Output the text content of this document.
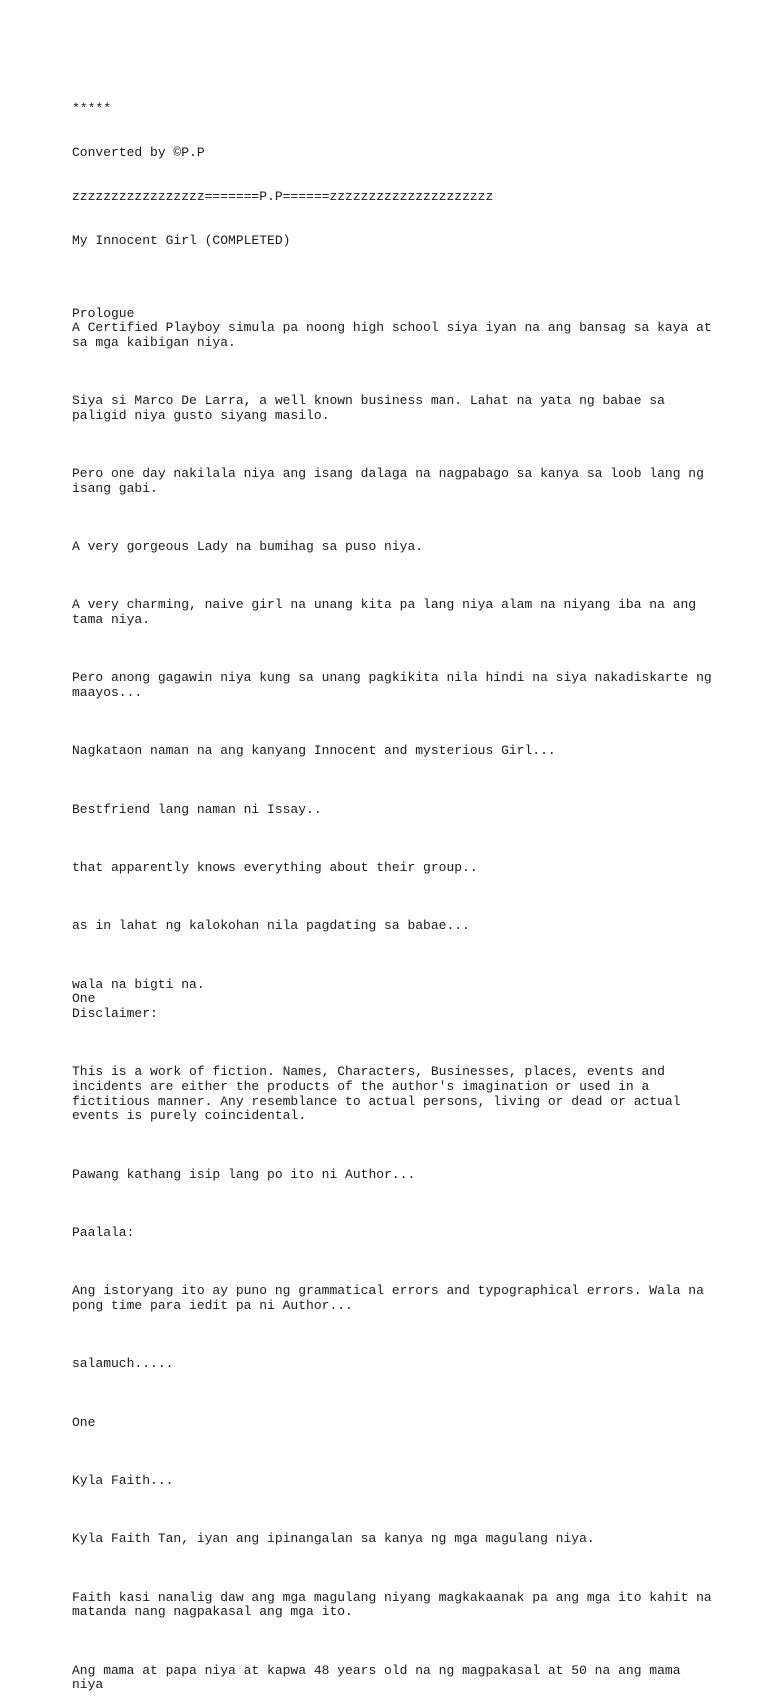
*****

Converted by ©P.P

zzzzzzzzzzzzzzzzz=======P.P======zzzzzzzzzzzzzzzzzzzzz

My Innocent Girl (COMPLETED)

Prologue
A Certified Playboy simula pa noong high school siya iyan na ang bansag sa kaya at
sa mga kaibigan niya.

Siya si Marco De Larra, a well known business man. Lahat na yata ng babae sa
paligid niya gusto siyang masilo.

Pero one day nakilala niya ang isang dalaga na nagpabago sa kanya sa loob lang ng
isang gabi.

A very gorgeous Lady na bumihag sa puso niya.

A very charming, naive girl na unang kita pa lang niya alam na niyang iba na ang
tama niya.

Pero anong gagawin niya kung sa unang pagkikita nila hindi na siya nakadiskarte ng
maayos...

Nagkataon naman na ang kanyang Innocent and mysterious Girl...

Bestfriend lang naman ni Issay..

that apparently knows everything about their group..

as in lahat ng kalokohan nila pagdating sa babae...

wala na bigti na.
One
Disclaimer:

This is a work of fiction. Names, Characters, Businesses, places, events and
incidents are either the products of the author's imagination or used in a
fictitious manner. Any resemblance to actual persons, living or dead or actual
events is purely coincidental.

Pawang kathang isip lang po ito ni Author...

Paalala:

Ang istoryang ito ay puno ng grammatical errors and typographical errors. Wala na
pong time para iedit pa ni Author...

salamuch.....

One

Kyla Faith...

Kyla Faith Tan, iyan ang ipinangalan sa kanya ng mga magulang niya.

Faith kasi nanalig daw ang mga magulang niyang magkakaanak pa ang mga ito kahit na
matanda nang nagpakasal ang mga ito.

Ang mama at papa niya at kapwa 48 years old na ng magpakasal at 50 na ang mama niya
